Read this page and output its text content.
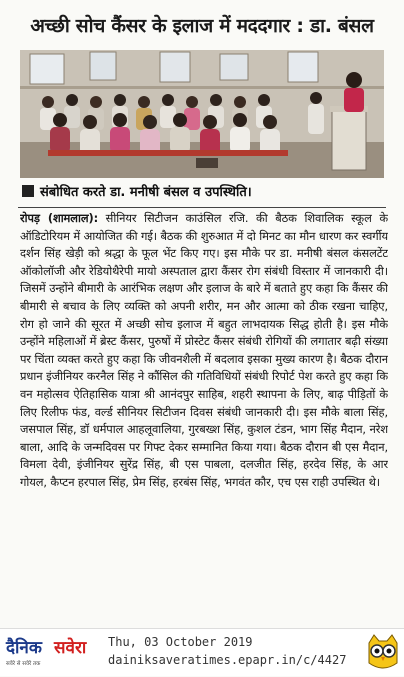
अच्छी सोच कैंसर के इलाज में मददगार : डा. बंसल
संबोधित करते डा. मनीषी बंसल व उपस्थिति।
रोपड़ (शामलाल): सीनियर सिटीजन काउंसिल रजि. की बैठक शिवालिक स्कूल के ऑडिटोरियम में आयोजित की गई। बैठक की शुरुआत में दो मिनट का मौन धारण कर स्वर्गीय दर्शन सिंह खेड़ी को श्रद्धा के फूल भेंट किए गए। इस मौके पर डा. मनीषी बंसल कंसलटेंट ऑकोलॉजी और रेडियोथैरेपी मायो अस्पताल द्वारा कैंसर रोग संबंधी विस्तार में जानकारी दी। जिसमें उन्होंने बीमारी के आरंभिक लक्षण और इलाज के बारे में बताते हुए कहा कि कैंसर की बीमारी से बचाव के लिए व्यक्ति को अपनी शरीर, मन और आत्मा को ठीक रखना चाहिए, रोग हो जाने की सूरत में अच्छी सोच इलाज में बहुत लाभदायक सिद्ध होती है। इस मौके उन्होंने महिलाओं में ब्रेस्ट कैंसर, पुरुषों में प्रोस्टेट कैंसर संबंधी रोगियों की लगातार बढ़ी संख्या पर चिंता व्यक्त करते हुए कहा कि जीवनशैली में बदलाव इसका मुख्य कारण है। बैठक दौरान प्रधान इंजीनियर करनैल सिंह ने कौंसिल की गतिविधियों संबंधी रिपोर्ट पेश करते हुए कहा कि वन महोत्सव ऐतिहासिक यात्रा श्री आनंदपुर साहिब, शहरी स्थापना के लिए, बाढ़ पीड़ितों के लिए रिलीफ फंड, वर्ल्ड सीनियर सिटीजन दिवस संबंधी जानकारी दी। इस मौके बाला सिंह, जसपाल सिंह, डॉ धर्मपाल आहलूवालिया, गुरबख्श सिंह, कुशल टंडन, भाग सिंह मैदान, नरेश बाला, आदि के जन्मदिवस पर गिफ्ट देकर सम्मानित किया गया। बैठक दौरान बी एस मैदान, विमला देवी, इंजीनियर सुरेंद्र सिंह, बी एस पाबला, दलजीत सिंह, हरदेव सिंह, के आर गोयल, कैप्टन हरपाल सिंह, प्रेम सिंह, हरबंस सिंह, भगवंत कौर, एच एस राही उपस्थित थे।
दैनिक सवेरा
सवेरे से सवेरे तक
Thu, 03 October 2019
dainiksaveratimes.epapr.in/c/4427
